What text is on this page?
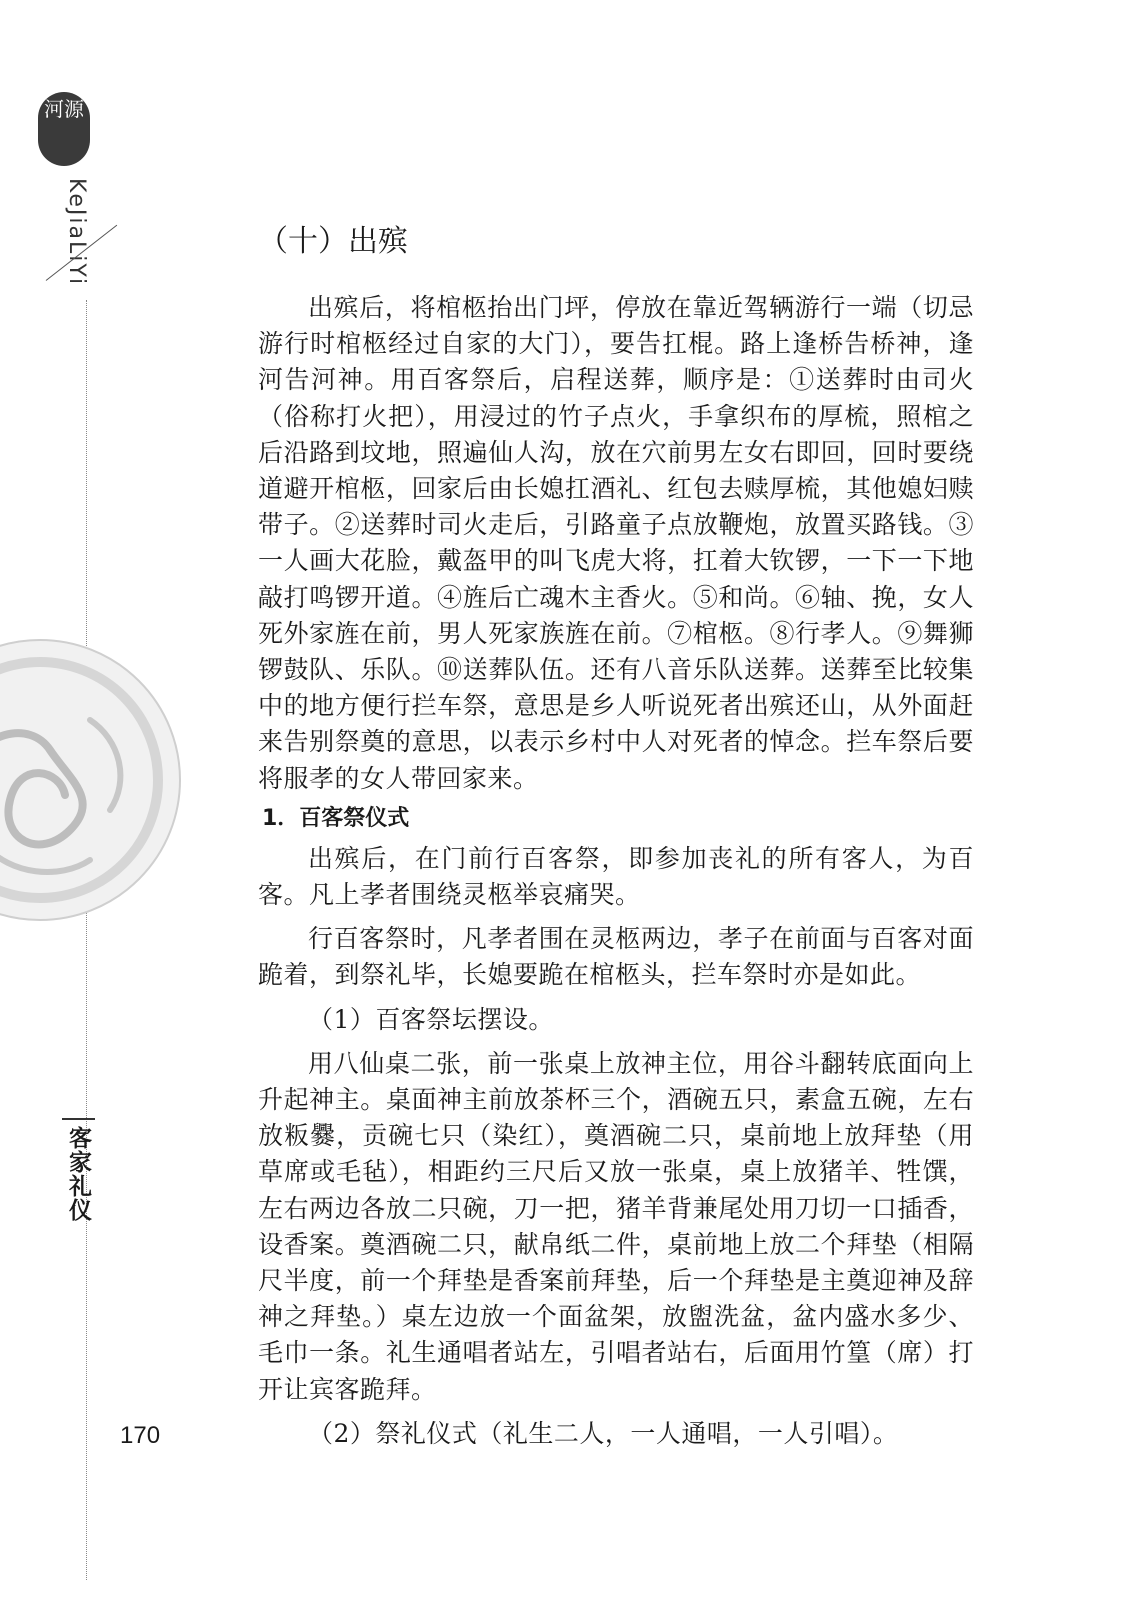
河源
KeJiaLiYi
客家礼仪
170
（十）出殡

出殡后，将棺柩抬出门坪，停放在靠近驾辆游行一端（切忌游行时棺柩经过自家的大门），要告扛棍。路上逢桥告桥神，逢河告河神。用百客祭后，启程送葬，顺序是：①送葬时由司火（俗称打火把），用浸过的竹子点火，手拿织布的厚梳，照棺之后沿路到坟地，照遍仙人沟，放在穴前男左女右即回，回时要绕道避开棺柩，回家后由长媳扛酒礼、红包去赎厚梳，其他媳妇赎带子。②送葬时司火走后，引路童子点放鞭炮，放置买路钱。③一人画大花脸，戴盔甲的叫飞虎大将，扛着大钦锣，一下一下地敲打鸣锣开道。④旌后亡魂木主香火。⑤和尚。⑥轴、挽，女人死外家旌在前，男人死家族旌在前。⑦棺柩。⑧行孝人。⑨舞狮锣鼓队、乐队。⑩送葬队伍。还有八音乐队送葬。送葬至比较集中的地方便行拦车祭，意思是乡人听说死者出殡还山，从外面赶来告别祭奠的意思，以表示乡村中人对死者的悼念。拦车祭后要将服孝的女人带回家来。

1．百客祭仪式

出殡后，在门前行百客祭，即参加丧礼的所有客人，为百客。凡上孝者围绕灵柩举哀痛哭。

行百客祭时，凡孝者围在灵柩两边，孝子在前面与百客对面跪着，到祭礼毕，长媳要跪在棺柩头，拦车祭时亦是如此。

（1）百客祭坛摆设。

用八仙桌二张，前一张桌上放神主位，用谷斗翻转底面向上升起神主。桌面神主前放茶杯三个，酒碗五只，素盒五碗，左右放粄爨，贡碗七只（染红），奠酒碗二只，桌前地上放拜垫（用草席或毛毡），相距约三尺后又放一张桌，桌上放猪羊、牲馔，左右两边各放二只碗，刀一把，猪羊背兼尾处用刀切一口插香，设香案。奠酒碗二只，献帛纸二件，桌前地上放二个拜垫（相隔尺半度，前一个拜垫是香案前拜垫，后一个拜垫是主奠迎神及辞神之拜垫。）桌左边放一个面盆架，放盥洗盆，盆内盛水多少、毛巾一条。礼生通唱者站左，引唱者站右，后面用竹篁（席）打开让宾客跪拜。

（2）祭礼仪式（礼生二人，一人通唱，一人引唱）。
